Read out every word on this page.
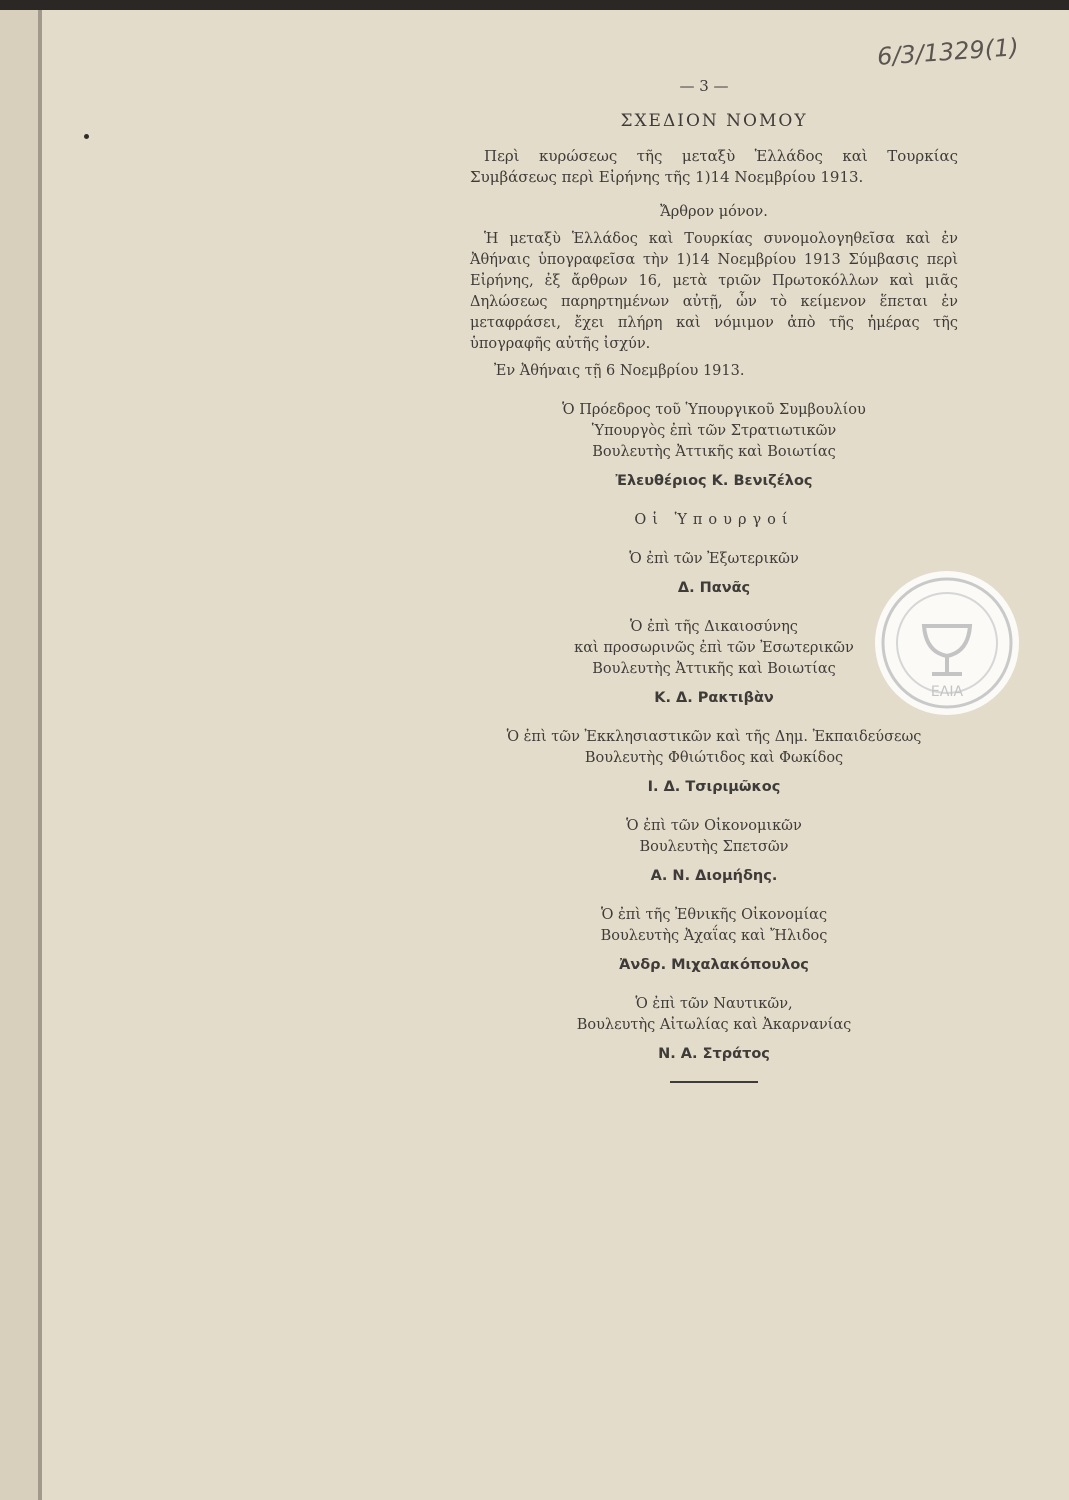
6/3/1329(1)
— 3 —
ΣΧΕΔΙΟΝ ΝΟΜΟΥ
Περὶ κυρώσεως τῆς μεταξὺ Ἑλλάδος καὶ Τουρκίας Συμβάσεως περὶ Εἰρήνης τῆς 1)14 Νοεμβρίου 1913.
Ἄρθρον μόνον.
Ἡ μεταξὺ Ἑλλάδος καὶ Τουρκίας συνομολογηθεῖσα καὶ ἐν Ἀθήναις ὑπογραφεῖσα τὴν 1)14 Νοεμβρίου 1913 Σύμβασις περὶ Εἰρήνης, ἐξ ἄρθρων 16, μετὰ τριῶν Πρωτοκόλλων καὶ μιᾶς Δηλώσεως παρηρτημένων αὐτῇ, ὧν τὸ κείμενον ἕπεται ἐν μεταφράσει, ἔχει πλήρη καὶ νόμιμον ἀπὸ τῆς ἡμέρας τῆς ὑπογραφῆς αὐτῆς ἰσχύν.
Ἐν Ἀθήναις τῇ 6 Νοεμβρίου 1913.
Ὁ Πρόεδρος τοῦ Ὑπουργικοῦ Συμβουλίου
Ὑπουργὸς ἐπὶ τῶν Στρατιωτικῶν
Βουλευτὴς Ἀττικῆς καὶ Βοιωτίας
Ἐλευθέριος Κ. Βενιζέλος
Οἱ Ὑπουργοί
Ὁ ἐπὶ τῶν Ἐξωτερικῶν
Δ. Πανᾶς
Ὁ ἐπὶ τῆς Δικαιοσύνης
καὶ προσωρινῶς ἐπὶ τῶν Ἐσωτερικῶν
Βουλευτὴς Ἀττικῆς καὶ Βοιωτίας
Κ. Δ. Ρακτιβὰν
Ὁ ἐπὶ τῶν Ἐκκλησιαστικῶν καὶ τῆς Δημ. Ἐκπαιδεύσεως
Βουλευτὴς Φθιώτιδος καὶ Φωκίδος
Ι. Δ. Τσιριμῶκος
Ὁ ἐπὶ τῶν Οἰκονομικῶν
Βουλευτὴς Σπετσῶν
Α. Ν. Διομήδης.
Ὁ ἐπὶ τῆς Ἐθνικῆς Οἰκονομίας
Βουλευτὴς Ἀχαΐας καὶ Ἤλιδος
Ἀνδρ. Μιχαλακόπουλος
Ὁ ἐπὶ τῶν Ναυτικῶν,
Βουλευτὴς Αἰτωλίας καὶ Ἀκαρνανίας
Ν. Α. Στράτος
ΕΛΙΑ
